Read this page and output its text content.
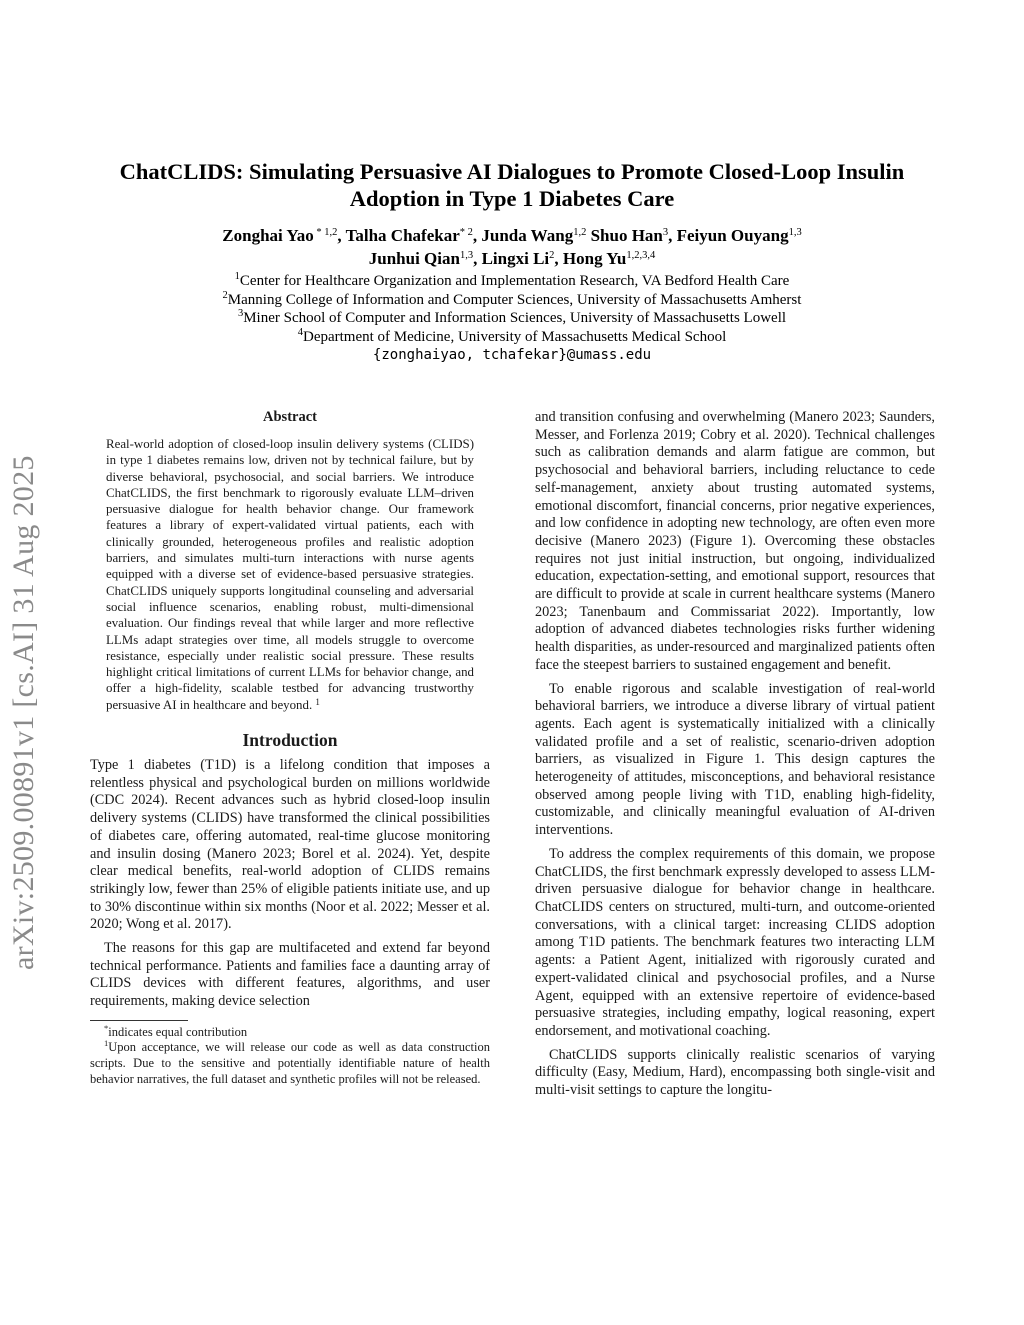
arXiv:2509.00891v1 [cs.AI] 31 Aug 2025
ChatCLIDS: Simulating Persuasive AI Dialogues to Promote Closed-Loop Insulin
Adoption in Type 1 Diabetes Care
Zonghai Yao $^{* 1,2}$, Talha Chafekar$^{* 2}$, Junda Wang$^{1,2}$ Shuo Han$^3$, Feiyun Ouyang$^{1,3}$
Junhui Qian$^{1,3}$, Lingxi Li$^2$, Hong Yu$^{1,2,3,4}$
$^1$Center for Healthcare Organization and Implementation Research, VA Bedford Health Care
$^2$Manning College of Information and Computer Sciences, University of Massachusetts Amherst
$^3$Miner School of Computer and Information Sciences, University of Massachusetts Lowell
$^4$Department of Medicine, University of Massachusetts Medical School
{zonghaiyao, tchafekar}@umass.edu
Abstract
Real-world adoption of closed-loop insulin delivery systems (CLIDS) in type 1 diabetes remains low, driven not by technical failure, but by diverse behavioral, psychosocial, and social barriers. We introduce ChatCLIDS, the first benchmark to rigorously evaluate LLM–driven persuasive dialogue for health behavior change. Our framework features a library of expert-validated virtual patients, each with clinically grounded, heterogeneous profiles and realistic adoption barriers, and simulates multi-turn interactions with nurse agents equipped with a diverse set of evidence-based persuasive strategies. ChatCLIDS uniquely supports longitudinal counseling and adversarial social influence scenarios, enabling robust, multi-dimensional evaluation. Our findings reveal that while larger and more reflective LLMs adapt strategies over time, all models struggle to overcome resistance, especially under realistic social pressure. These results highlight critical limitations of current LLMs for behavior change, and offer a high-fidelity, scalable testbed for advancing trustworthy persuasive AI in healthcare and beyond. $^1$
Introduction

Type 1 diabetes (T1D) is a lifelong condition that imposes a relentless physical and psychological burden on millions worldwide (CDC 2024). Recent advances such as hybrid closed-loop insulin delivery systems (CLIDS) have transformed the clinical possibilities of diabetes care, offering automated, real-time glucose monitoring and insulin dosing (Manero 2023; Borel et al. 2024). Yet, despite clear medical benefits, real-world adoption of CLIDS remains strikingly low, fewer than 25% of eligible patients initiate use, and up to 30% discontinue within six months (Noor et al. 2022; Messer et al. 2020; Wong et al. 2017).

The reasons for this gap are multifaceted and extend far beyond technical performance. Patients and families face a daunting array of CLIDS devices with different features, algorithms, and user requirements, making device selection

*indicates equal contribution
$^1$Upon acceptance, we will release our code as well as data construction scripts. Due to the sensitive and potentially identifiable nature of health behavior narratives, the full dataset and synthetic profiles will not be released.

and transition confusing and overwhelming (Manero 2023; Saunders, Messer, and Forlenza 2019; Cobry et al. 2020). Technical challenges such as calibration demands and alarm fatigue are common, but psychosocial and behavioral barriers, including reluctance to cede self-management, anxiety about trusting automated systems, emotional discomfort, financial concerns, prior negative experiences, and low confidence in adopting new technology, are often even more decisive (Manero 2023) (Figure 1). Overcoming these obstacles requires not just initial instruction, but ongoing, individualized education, expectation-setting, and emotional support, resources that are difficult to provide at scale in current healthcare systems (Manero 2023; Tanenbaum and Commissariat 2022). Importantly, low adoption of advanced diabetes technologies risks further widening health disparities, as under-resourced and marginalized patients often face the steepest barriers to sustained engagement and benefit.

To enable rigorous and scalable investigation of real-world behavioral barriers, we introduce a diverse library of virtual patient agents. Each agent is systematically initialized with a clinically validated profile and a set of realistic, scenario-driven adoption barriers, as visualized in Figure 1. This design captures the heterogeneity of attitudes, misconceptions, and behavioral resistance observed among people living with T1D, enabling high-fidelity, customizable, and clinically meaningful evaluation of AI-driven interventions.

To address the complex requirements of this domain, we propose ChatCLIDS, the first benchmark expressly developed to assess LLM-driven persuasive dialogue for behavior change in healthcare. ChatCLIDS centers on structured, multi-turn, and outcome-oriented conversations, with a clinical target: increasing CLIDS adoption among T1D patients. The benchmark features two interacting LLM agents: a Patient Agent, initialized with rigorously curated and expert-validated clinical and psychosocial profiles, and a Nurse Agent, equipped with an extensive repertoire of evidence-based persuasive strategies, including empathy, logical reasoning, expert endorsement, and motivational coaching.

ChatCLIDS supports clinically realistic scenarios of varying difficulty (Easy, Medium, Hard), encompassing both single-visit and multi-visit settings to capture the longitu-
